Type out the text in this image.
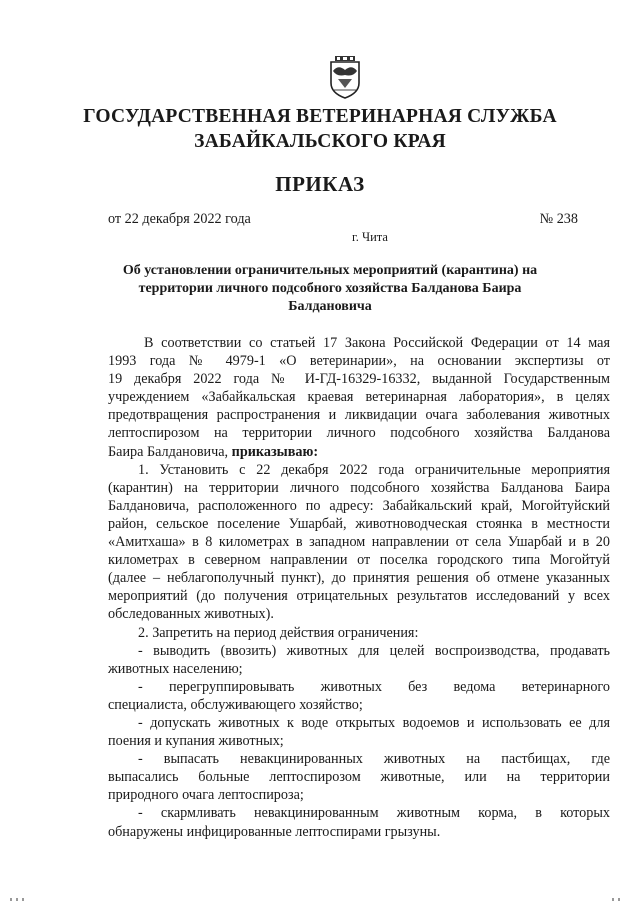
ГОСУДАРСТВЕННАЯ ВЕТЕРИНАРНАЯ СЛУЖБА
ЗАБАЙКАЛЬСКОГО КРАЯ
ПРИКАЗ
от 22 декабря 2022 года	№ 238
г. Чита
Об установлении ограничительных мероприятий (карантина) на
территории личного подсобного хозяйства Балданова Баира
Балдановича

В соответствии со статьей 17 Закона Российской Федерации от 14 мая

1993 года № 4979-1 «О ветеринарии», на основании экспертизы от

19 декабря 2022 года № И-ГД-16329-16332, выданной Государственным

учреждением «Забайкальская краевая ветеринарная лаборатория», в целях

предотвращения распространения и ликвидации очага заболевания животных

лептоспирозом на территории личного подсобного хозяйства Балданова

Баира Балдановича, приказываю:

1. Установить с 22 декабря 2022 года ограничительные мероприятия

(карантин) на территории личного подсобного хозяйства Балданова Баира

Балдановича, расположенного по адресу: Забайкальский край, Могойтуйский

район, сельское поселение Ушарбай, животноводческая стоянка в местности

«Амитхаша» в 8 километрах в западном направлении от села Ушарбай и в 20

километрах в северном направлении от поселка городского типа Могойтуй

(далее – неблагополучный пункт), до принятия решения об отмене указанных

мероприятий (до получения отрицательных результатов исследований у всех

обследованных животных).

2. Запретить на период действия ограничения:

- выводить (ввозить) животных для целей воспроизводства, продавать

животных населению;

- перегруппировывать животных без ведома ветеринарного

специалиста, обслуживающего хозяйство;

- допускать животных к воде открытых водоемов и использовать ее для

поения и купания животных;

- выпасать невакцинированных животных на пастбищах, где

выпасались больные лептоспирозом животные, или на территории

природного очага лептоспироза;

- скармливать невакцинированным животным корма, в которых

обнаружены инфицированные лептоспирами грызуны.
